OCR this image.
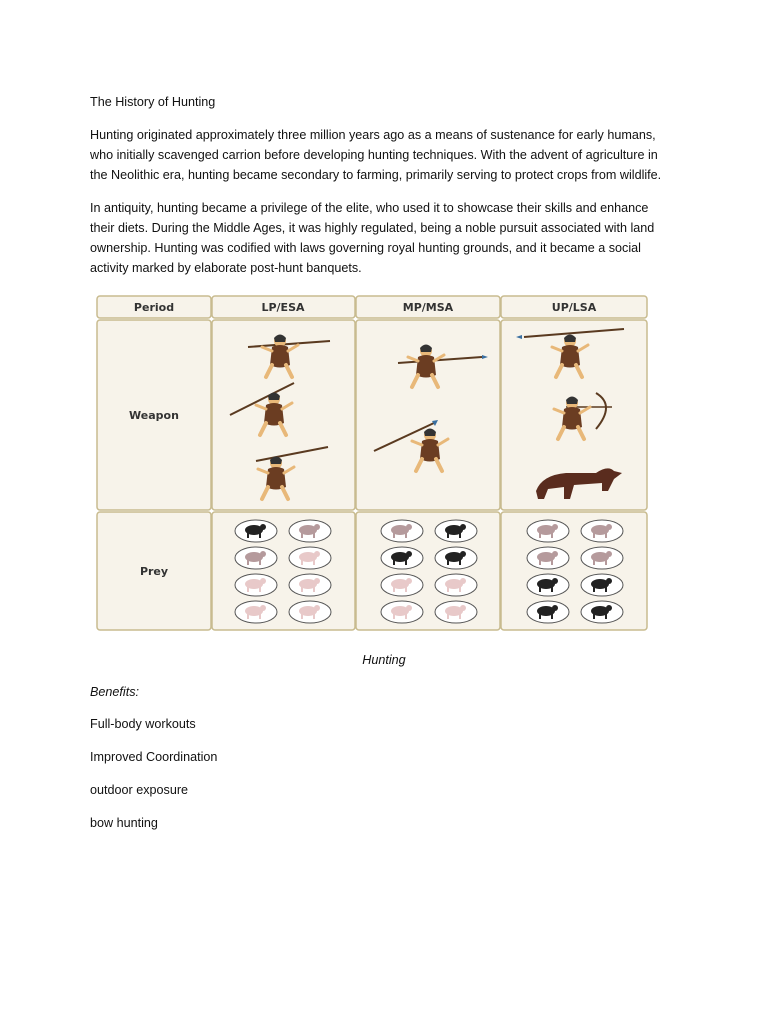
The History of Hunting
Hunting originated approximately three million years ago as a means of sustenance for early humans,
who initially scavenged carrion before developing hunting techniques. With the advent of agriculture in
the Neolithic era, hunting became secondary to farming, primarily serving to protect crops from wildlife.
In antiquity, hunting became a privilege of the elite, who used it to showcase their skills and enhance
their diets. During the Middle Ages, it was highly regulated, being a noble pursuit associated with land
ownership. Hunting was codified with laws governing royal hunting grounds, and it became a social
activity marked by elaborate post-hunt banquets.
Period	LP/ESA	MP/MSA	UP/LSA
Weapon
Prey
Hunting
Benefits:
Full-body workouts
Improved Coordination
outdoor exposure
bow hunting
